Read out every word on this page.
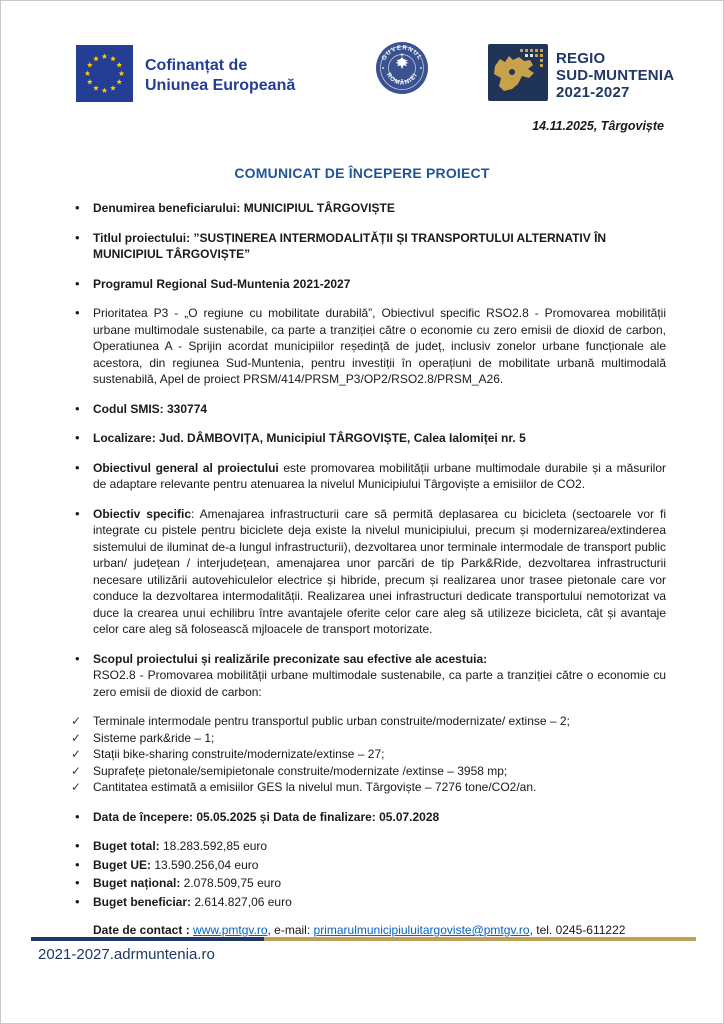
Cofinanțat de
Uniunea Europeană
GUVERNUL
ROMÂNIEI
REGIO
SUD-MUNTENIA
2021-2027
14.11.2025, Târgoviște
COMUNICAT DE ÎNCEPERE PROIECT
• Denumirea beneficiarului: MUNICIPIUL TÂRGOVIȘTE
• Titlul proiectului: ”SUSȚINEREA INTERMODALITĂȚII ȘI TRANSPORTULUI ALTERNATIV ÎN MUNICIPIUL TÂRGOVIȘTE”
• Programul Regional Sud-Muntenia 2021-2027
• Prioritatea P3 - „O regiune cu mobilitate durabilă”, Obiectivul specific RSO2.8 - Promovarea mobilității urbane multimodale sustenabile, ca parte a tranziției către o economie cu zero emisii de dioxid de carbon, Operatiunea A - Sprijin acordat municipiilor reședință de județ, inclusiv zonelor urbane funcționale ale acestora, din regiunea Sud-Muntenia, pentru investiții în operațiuni de mobilitate urbană multimodală sustenabilă, Apel de proiect PRSM/414/PRSM_P3/OP2/RSO2.8/PRSM_A26.
• Codul SMIS: 330774
• Localizare: Jud. DÂMBOVIȚA, Municipiul TÂRGOVIȘTE, Calea Ialomiței nr. 5
• Obiectivul general al proiectului este promovarea mobilității urbane multimodale durabile și a măsurilor de adaptare relevante pentru atenuarea la nivelul Municipiului Târgoviște a emisiilor de CO2.
• Obiectiv specific: Amenajarea infrastructurii care să permită deplasarea cu bicicleta (sectoarele vor fi integrate cu pistele pentru biciclete deja existe la nivelul municipiului, precum și modernizarea/extinderea sistemului de iluminat de-a lungul infrastructurii), dezvoltarea unor terminale intermodale de transport public urban/ județean / interjudețean, amenajarea unor parcări de tip Park&Ride, dezvoltarea infrastructurii necesare utilizării autovehiculelor electrice și hibride, precum și realizarea unor trasee pietonale care vor conduce la dezvoltarea intermodalității. Realizarea unei infrastructuri dedicate transportului nemotorizat va duce la crearea unui echilibru între avantajele oferite celor care aleg să utilizeze bicicleta, cât și avantaje celor care aleg să folosească mjloacele de transport motorizate.
• Scopul proiectului și realizările preconizate sau efective ale acestuia:
RSO2.8 - Promovarea mobilității urbane multimodale sustenabile, ca parte a tranziției către o economie cu zero emisii de dioxid de carbon:
✓ Terminale intermodale pentru transportul public urban construite/modernizate/ extinse – 2;
✓ Sisteme park&ride – 1;
✓ Stații bike-sharing construite/modernizate/extinse – 27;
✓ Suprafețe pietonale/semipietonale construite/modernizate /extinse – 3958 mp;
✓ Cantitatea estimată a emisiilor GES la nivelul mun. Târgoviște – 7276 tone/CO2/an.
• Data de începere: 05.05.2025 și Data de finalizare: 05.07.2028
• Buget total: 18.283.592,85 euro
• Buget UE: 13.590.256,04 euro
• Buget național: 2.078.509,75 euro
• Buget beneficiar: 2.614.827,06 euro
Date de contact : www.pmtgv.ro, e-mail: primarulmunicipiuluitargoviste@pmtgv.ro, tel. 0245-611222
2021-2027.adrmuntenia.ro
